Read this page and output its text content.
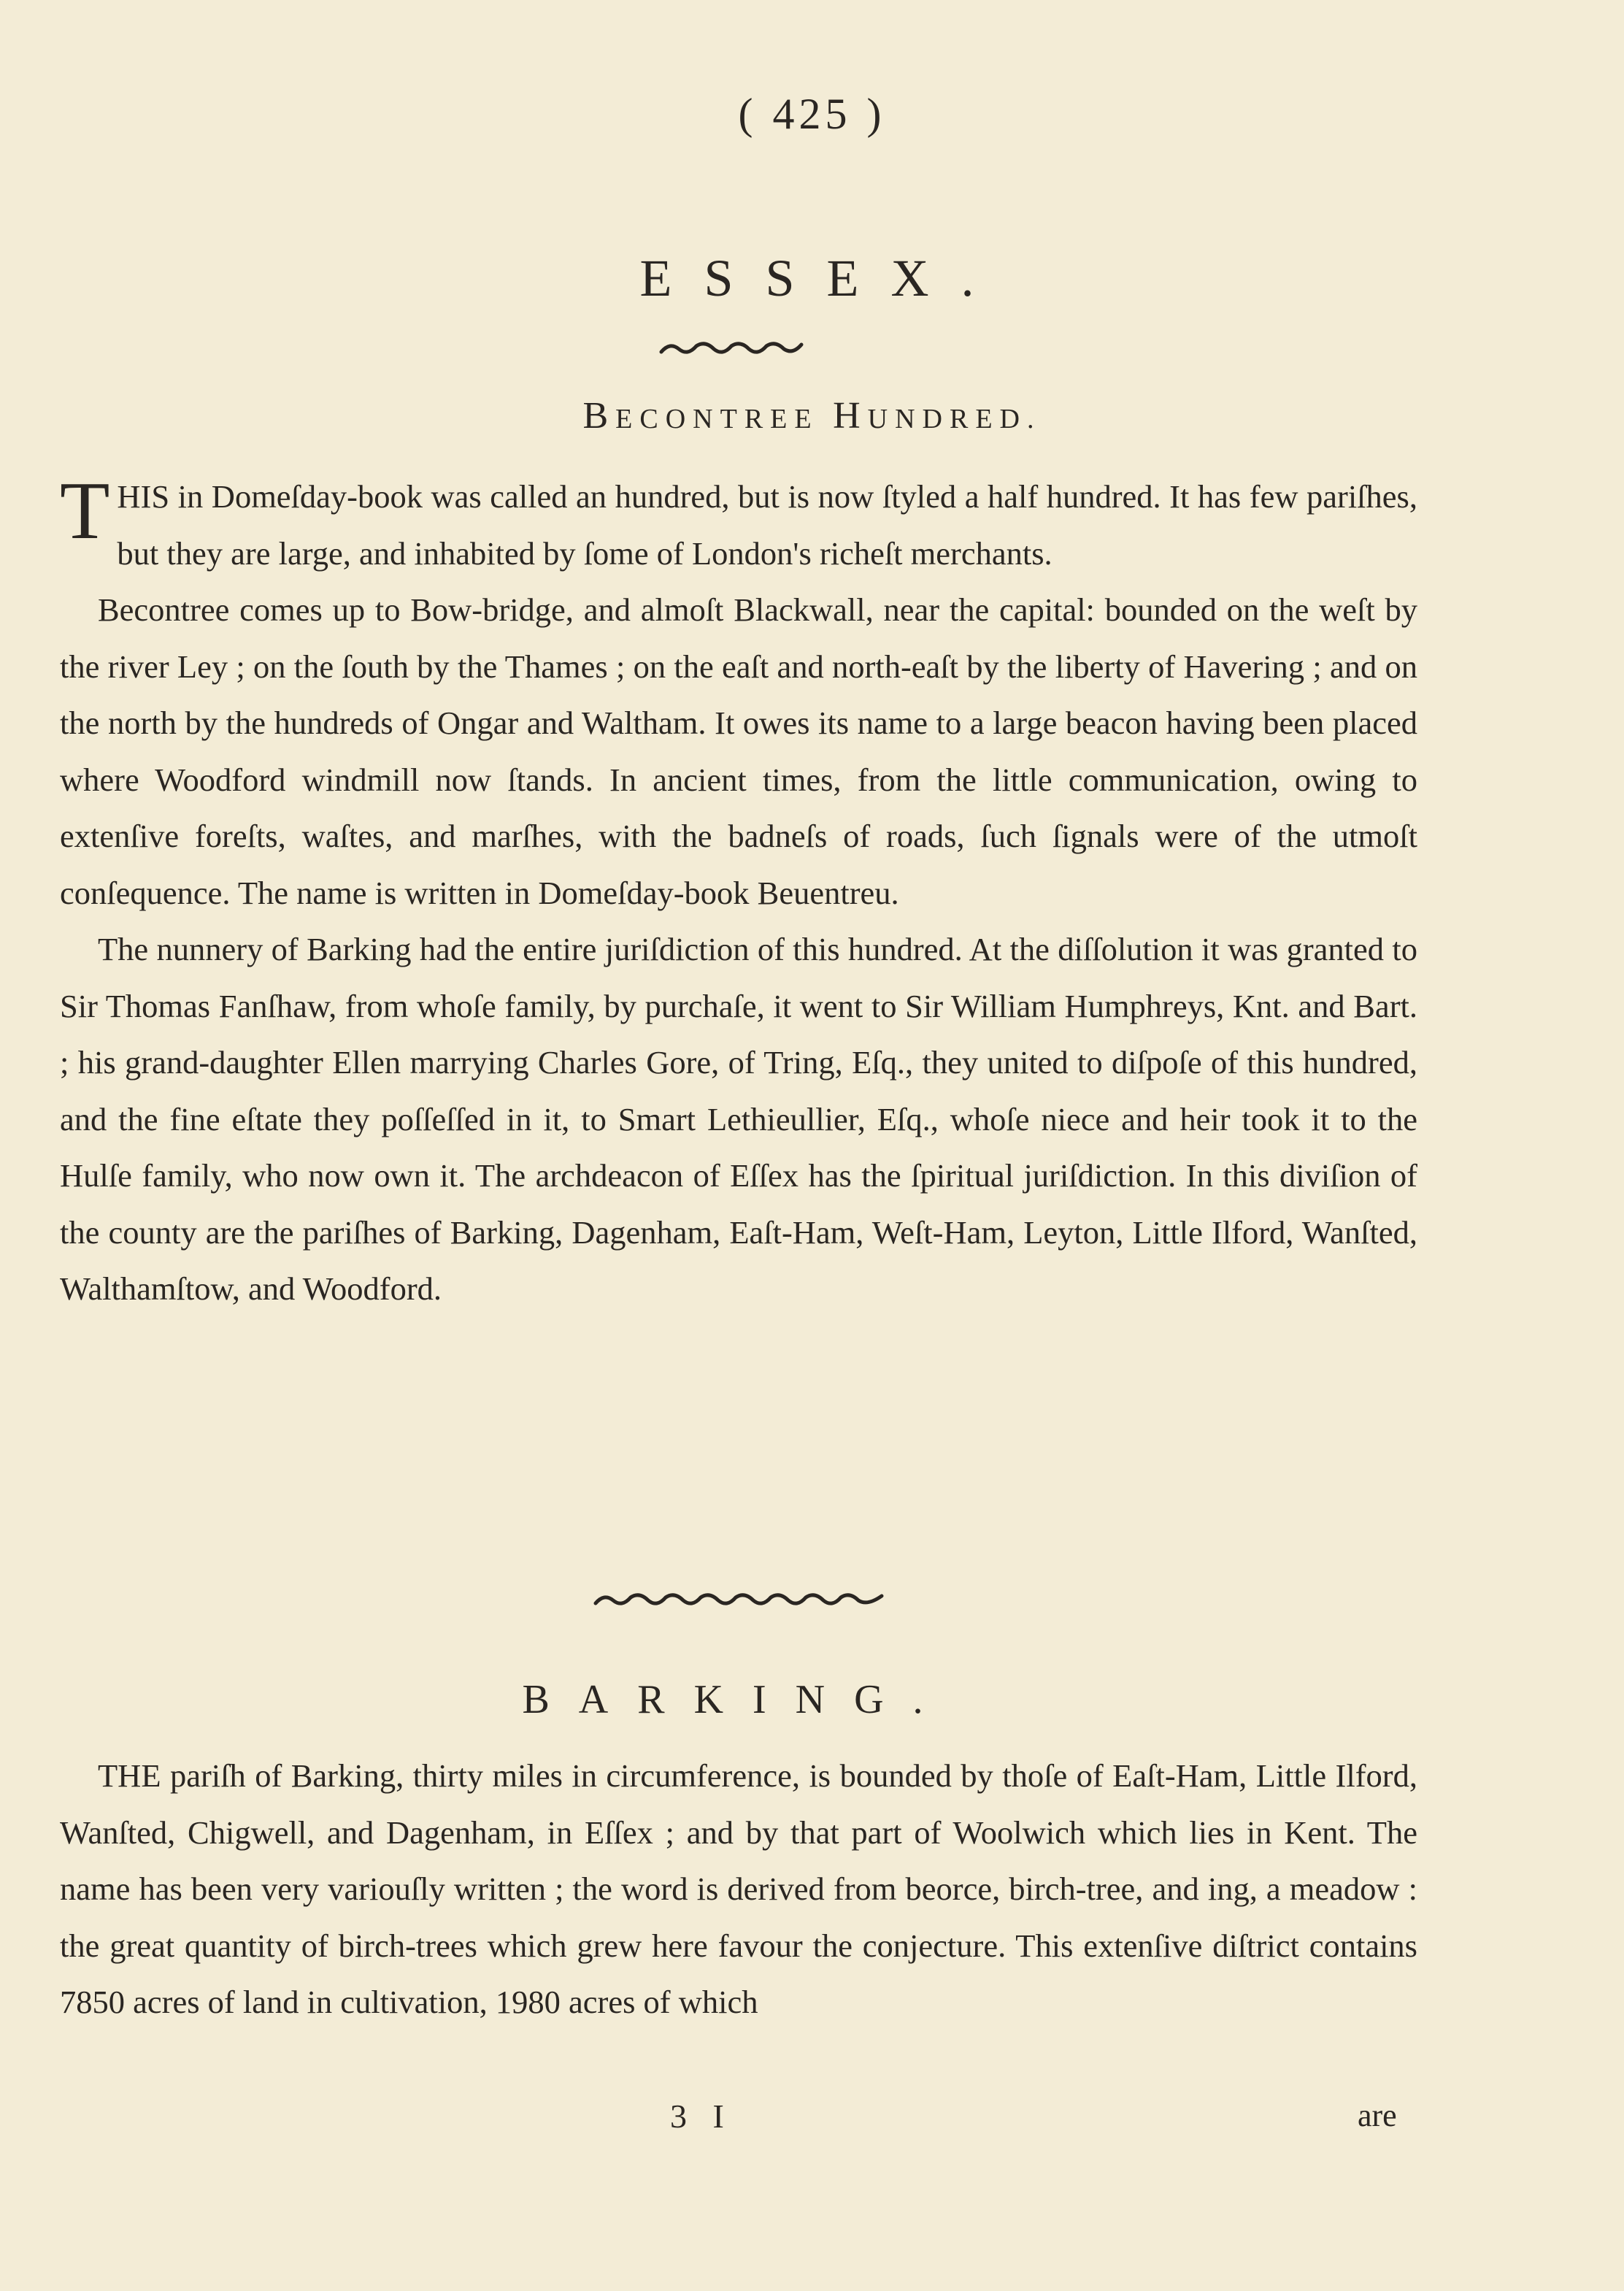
( 425 )
ESSEX.
BECONTREE HUNDRED.

THIS in Domeſday-book was called an hundred, but is now ſtyled a half hundred. It has few pariſhes, but they are large, and inhabited by ſome of London's richeſt merchants.

Becontree comes up to Bow-bridge, and almoſt Blackwall, near the capital: bounded on the weſt by the river Ley ; on the ſouth by the Thames ; on the eaſt and north-eaſt by the liberty of Havering ; and on the north by the hundreds of Ongar and Waltham. It owes its name to a large beacon having been placed where Woodford windmill now ſtands. In ancient times, from the little communication, owing to extenſive foreſts, waſtes, and marſhes, with the badneſs of roads, ſuch ſignals were of the utmoſt conſequence. The name is written in Domeſday-book Beuentreu.

The nunnery of Barking had the entire juriſdiction of this hundred. At the diſſolution it was granted to Sir Thomas Fanſhaw, from whoſe family, by purchaſe, it went to Sir William Humphreys, Knt. and Bart. ; his grand-daughter Ellen marrying Charles Gore, of Tring, Eſq., they united to diſpoſe of this hundred, and the fine eſtate they poſſeſſed in it, to Smart Lethieullier, Eſq., whoſe niece and heir took it to the Hulſe family, who now own it. The archdeacon of Eſſex has the ſpiritual juriſdiction. In this diviſion of the county are the pariſhes of Barking, Dagenham, Eaſt-Ham, Weſt-Ham, Leyton, Little Ilford, Wanſted, Walthamſtow, and Woodford.

BARKING.

THE pariſh of Barking, thirty miles in circumference, is bounded by thoſe of Eaſt-Ham, Little Ilford, Wanſted, Chigwell, and Dagenham, in Eſſex ; and by that part of Woolwich which lies in Kent. The name has been very variouſly written ; the word is derived from beorce, birch-tree, and ing, a meadow : the great quantity of birch-trees which grew here favour the conjecture. This extenſive diſtrict contains 7850 acres of land in cultivation, 1980 acres of which

3 I	are
